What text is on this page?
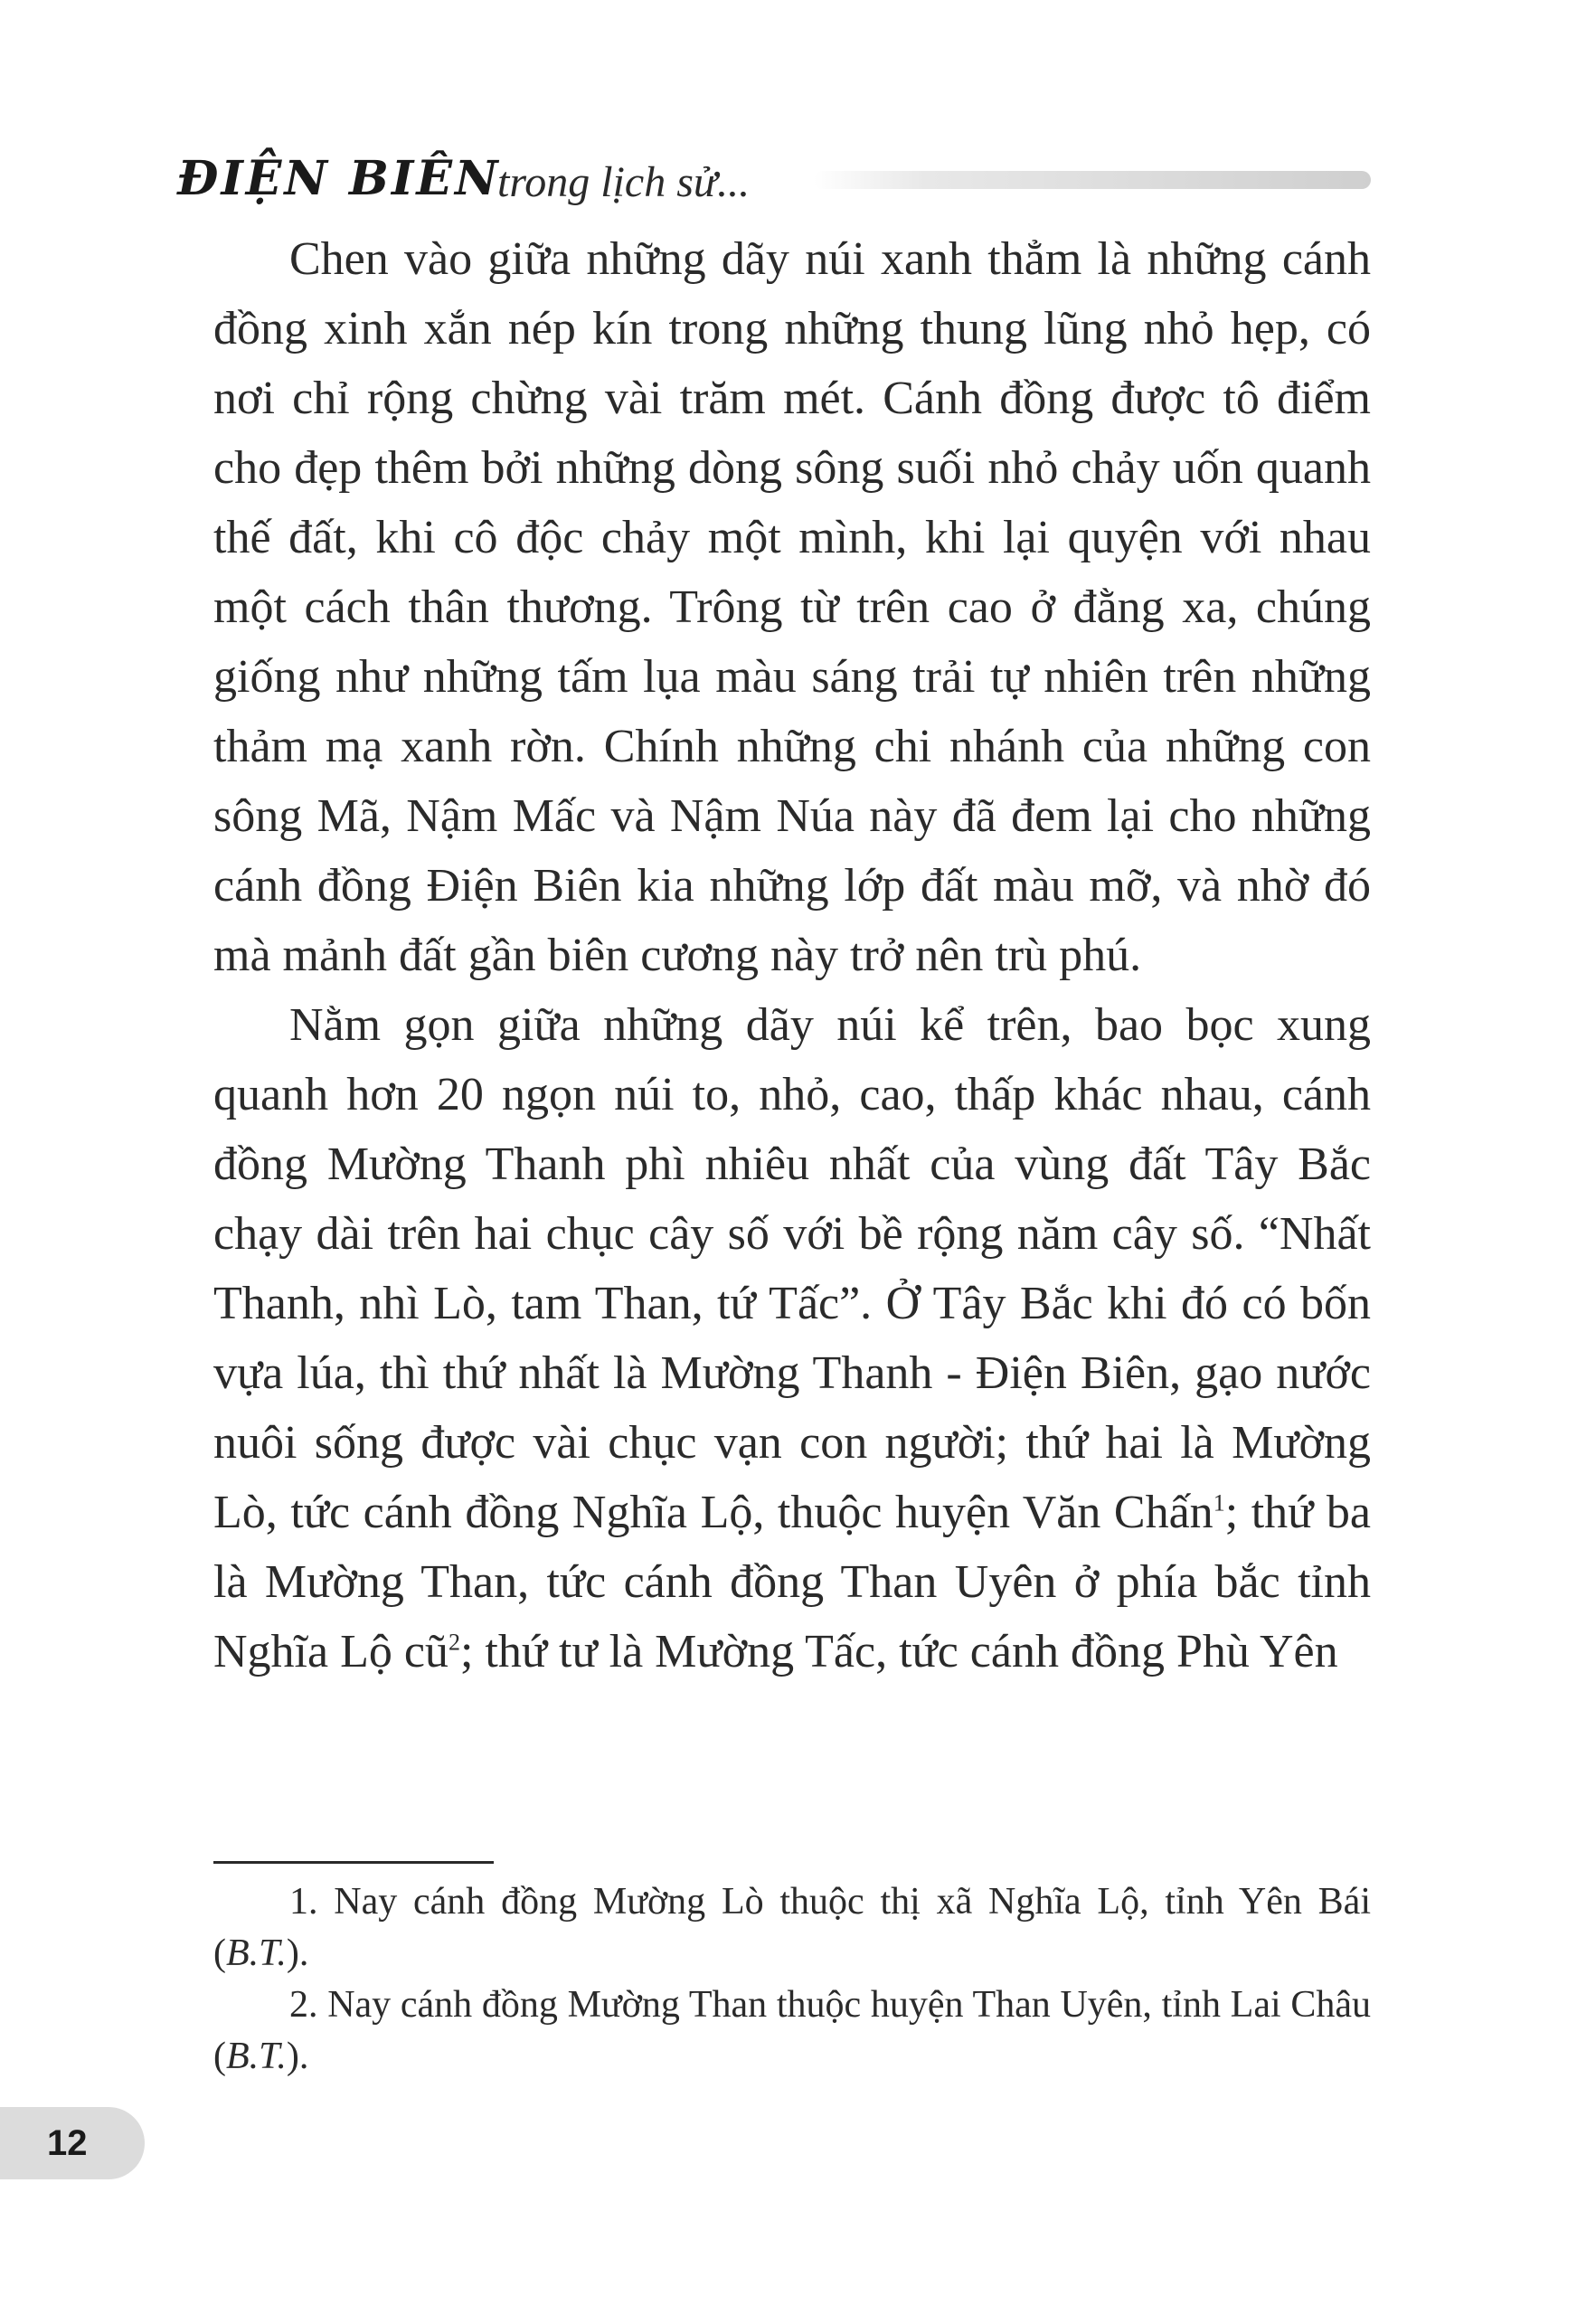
ĐIỆN BIÊN
trong lịch sử...

Chen vào giữa những dãy núi xanh thẳm là những cánh đồng xinh xắn nép kín trong những thung lũng nhỏ hẹp, có nơi chỉ rộng chừng vài trăm mét. Cánh đồng được tô điểm cho đẹp thêm bởi những dòng sông suối nhỏ chảy uốn quanh thế đất, khi cô độc chảy một mình, khi lại quyện với nhau một cách thân thương. Trông từ trên cao ở đằng xa, chúng giống như những tấm lụa màu sáng trải tự nhiên trên những thảm mạ xanh rờn. Chính những chi nhánh của những con sông Mã, Nậm Mấc và Nậm Núa này đã đem lại cho những cánh đồng Điện Biên kia những lớp đất màu mỡ, và nhờ đó mà mảnh đất gần biên cương này trở nên trù phú.

Nằm gọn giữa những dãy núi kể trên, bao bọc xung quanh hơn 20 ngọn núi to, nhỏ, cao, thấp khác nhau, cánh đồng Mường Thanh phì nhiêu nhất của vùng đất Tây Bắc chạy dài trên hai chục cây số với bề rộng năm cây số. “Nhất Thanh, nhì Lò, tam Than, tứ Tấc”. Ở Tây Bắc khi đó có bốn vựa lúa, thì thứ nhất là Mường Thanh - Điện Biên, gạo nước nuôi sống được vài chục vạn con người; thứ hai là Mường Lò, tức cánh đồng Nghĩa Lộ, thuộc huyện Văn Chấn$^1$; thứ ba là Mường Than, tức cánh đồng Than Uyên ở phía bắc tỉnh Nghĩa Lộ $cũ^2$; thứ tư là Mường Tấc, tức cánh đồng Phù Yên

1. Nay cánh đồng Mường Lò thuộc thị xã Nghĩa Lộ, tỉnh Yên Bái (B.T.).

2. Nay cánh đồng Mường Than thuộc huyện Than Uyên, tỉnh Lai Châu (B.T.).

12
